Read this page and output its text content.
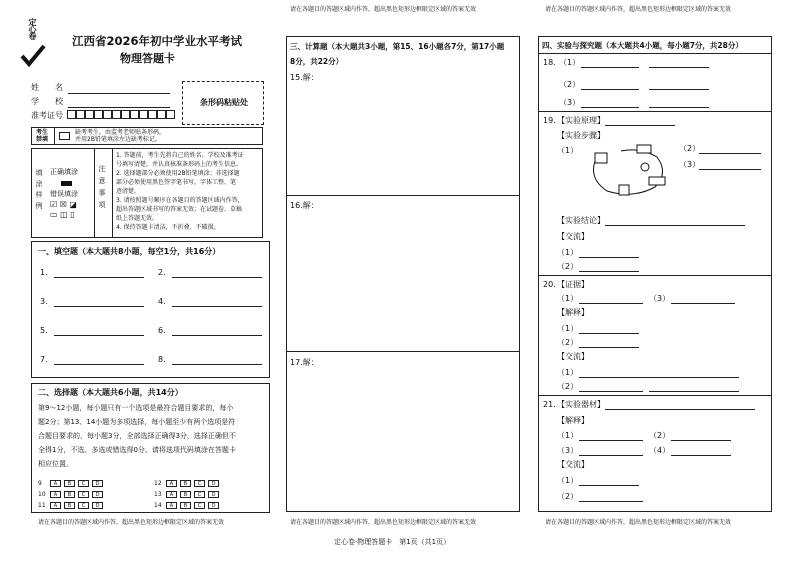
定心卷
江西省2026年初中学业水平考试
物理答题卡
姓　　名
学　　校
准考证号
条形码粘贴处
考生
禁填
缺考考生，由监考老师贴条形码，
并用2B铅笔填涂左边缺考标记。
填涂样例 正确填涂
错误填涂
☑ ☒ ◪
▭ ◫ ▯
注意事项
1. 答题前，考生先将自己的姓名、学校及准考证
号填写清楚，并认真核准条形码上的考生信息。
2. 选择题部分必须使用2B铅笔填涂；非选择题
部分必须使用黑色签字笔书写，字体工整、笔
迹清楚。
3. 请按照题号顺序在各题目的答题区域内作答，
超出答题区域书写的答案无效；在试题卷、草稿
纸上答题无效。
4. 保持答题卡清洁，不折叠、不破损。
一、填空题（本大题共8小题，每空1分，共16分）
1.	2.
3.	4.
5.	6.
7.	8.
二、选择题（本大题共6小题，共14分）
第9～12小题，每小题只有一个选项是最符合题目要求的，每小
题2分；第13、14小题为多项选择，每小题至少有两个选项是符
合题目要求的，每小题3分，全部选择正确得3分，选择正确但不
全得1分，不选、多选或错选得0分。请将选项代码填涂在答题卡
相应位置。
9	A	B	C	D
10	A	B	C	D
11	A	B	C	D
12	A	B	C	D
13	A	B	C	D
14	A	B	C	D
请在各题目的答题区域内作答，超出黑色矩形边框限定区域的答案无效
请在各题目的答题区域内作答，超出黑色矩形边框限定区域的答案无效
三、计算题（本大题共3小题，第15、16小题各7分，第17小题
8分，共22分）
15.解：
16.解：
17.解：
请在各题目的答题区域内作答，超出黑色矩形边框限定区域的答案无效
请在各题目的答题区域内作答，超出黑色矩形边框限定区域的答案无效
四、实验与探究题（本大题共4小题，每小题7分，共28分）
18. （1）
（2）
（3）
19. 【实验原理】
【实验步骤】
（1）	（2）
（3）
【实验结论】
【交流】
（1）
（2）
20. 【证据】
（1）	（3）
【解释】
（1）
（2）
【交流】
（1）
（2）
21. 【实验器材】
【解释】
（1）	（2）
（3）	（4）
【交流】
（1）
（2）
请在各题目的答题区域内作答，超出黑色矩形边框限定区域的答案无效
定心卷·物理答题卡　第1页（共1页）
